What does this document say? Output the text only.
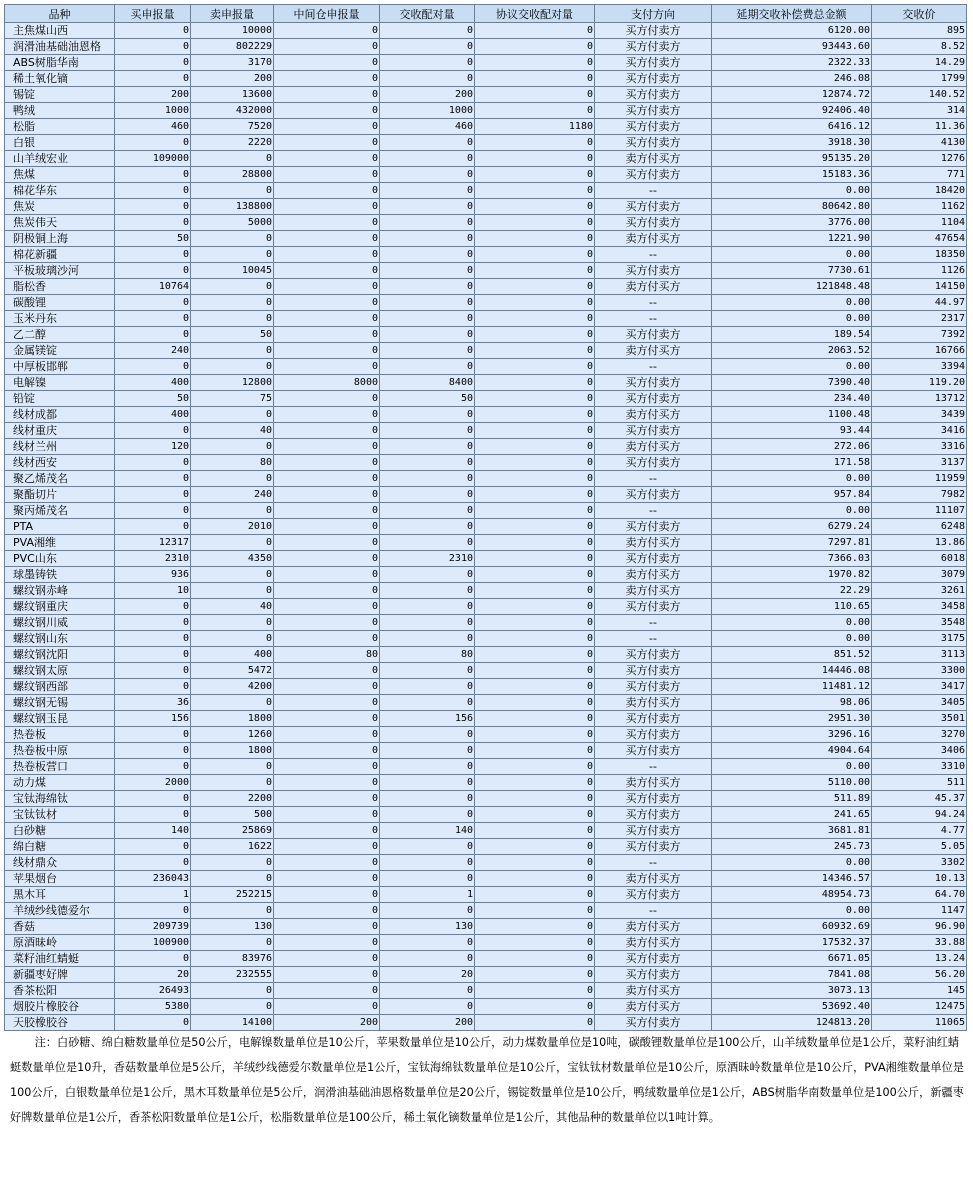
品种	买申报量	卖申报量	中间仓申报量	交收配对量	协议交收配对量	支付方向	延期交收补偿费总金额	交收价
主焦煤山西	0	10000	0	0	0	买方付卖方	6120.00	895
润滑油基础油恩格	0	802229	0	0	0	买方付卖方	93443.60	8.52
ABS树脂华南	0	3170	0	0	0	买方付卖方	2322.33	14.29
稀土氧化镝	0	200	0	0	0	买方付卖方	246.08	1799
锡锭	200	13600	0	200	0	买方付卖方	12874.72	140.52
鸭绒	1000	432000	0	1000	0	买方付卖方	92406.40	314
松脂	460	7520	0	460	1180	买方付卖方	6416.12	11.36
白银	0	2220	0	0	0	买方付卖方	3918.30	4130
山羊绒宏业	109000	0	0	0	0	卖方付买方	95135.20	1276
焦煤	0	28800	0	0	0	买方付卖方	15183.36	771
棉花华东	0	0	0	0	0	--	0.00	18420
焦炭	0	138800	0	0	0	买方付卖方	80642.80	1162
焦炭伟天	0	5000	0	0	0	买方付卖方	3776.00	1104
阴极铜上海	50	0	0	0	0	卖方付买方	1221.90	47654
棉花新疆	0	0	0	0	0	--	0.00	18350
平板玻璃沙河	0	10045	0	0	0	买方付卖方	7730.61	1126
脂松香	10764	0	0	0	0	卖方付买方	121848.48	14150
碳酸锂	0	0	0	0	0	--	0.00	44.97
玉米丹东	0	0	0	0	0	--	0.00	2317
乙二醇	0	50	0	0	0	买方付卖方	189.54	7392
金属镁锭	240	0	0	0	0	卖方付买方	2063.52	16766
中厚板邯郸	0	0	0	0	0	--	0.00	3394
电解镍	400	12800	8000	8400	0	买方付卖方	7390.40	119.20
铅锭	50	75	0	50	0	买方付卖方	234.40	13712
线材成都	400	0	0	0	0	卖方付买方	1100.48	3439
线材重庆	0	40	0	0	0	买方付卖方	93.44	3416
线材兰州	120	0	0	0	0	卖方付买方	272.06	3316
线材西安	0	80	0	0	0	买方付卖方	171.58	3137
聚乙烯茂名	0	0	0	0	0	--	0.00	11959
聚酯切片	0	240	0	0	0	买方付卖方	957.84	7982
聚丙烯茂名	0	0	0	0	0	--	0.00	11107
PTA	0	2010	0	0	0	买方付卖方	6279.24	6248
PVA湘维	12317	0	0	0	0	卖方付买方	7297.81	13.86
PVC山东	2310	4350	0	2310	0	买方付卖方	7366.03	6018
球墨铸铁	936	0	0	0	0	卖方付买方	1970.82	3079
螺纹钢赤峰	10	0	0	0	0	卖方付买方	22.29	3261
螺纹钢重庆	0	40	0	0	0	买方付卖方	110.65	3458
螺纹钢川威	0	0	0	0	0	--	0.00	3548
螺纹钢山东	0	0	0	0	0	--	0.00	3175
螺纹钢沈阳	0	400	80	80	0	买方付卖方	851.52	3113
螺纹钢太原	0	5472	0	0	0	买方付卖方	14446.08	3300
螺纹钢西部	0	4200	0	0	0	买方付卖方	11481.12	3417
螺纹钢无锡	36	0	0	0	0	卖方付买方	98.06	3405
螺纹钢玉昆	156	1800	0	156	0	买方付卖方	2951.30	3501
热卷板	0	1260	0	0	0	买方付卖方	3296.16	3270
热卷板中原	0	1800	0	0	0	买方付卖方	4904.64	3406
热卷板营口	0	0	0	0	0	--	0.00	3310
动力煤	2000	0	0	0	0	卖方付买方	5110.00	511
宝钛海绵钛	0	2200	0	0	0	买方付卖方	511.89	45.37
宝钛钛材	0	500	0	0	0	买方付卖方	241.65	94.24
白砂糖	140	25869	0	140	0	买方付卖方	3681.81	4.77
绵白糖	0	1622	0	0	0	买方付卖方	245.73	5.05
线材鼎众	0	0	0	0	0	--	0.00	3302
苹果烟台	236043	0	0	0	0	卖方付买方	14346.57	10.13
黑木耳	1	252215	0	1	0	买方付卖方	48954.73	64.70
羊绒纱线德爱尔	0	0	0	0	0	--	0.00	1147
香菇	209739	130	0	130	0	卖方付买方	60932.69	96.90
原酒昧岭	100900	0	0	0	0	卖方付买方	17532.37	33.88
菜籽油红蜻蜓	0	83976	0	0	0	买方付卖方	6671.05	13.24
新疆枣好牌	20	232555	0	20	0	买方付卖方	7841.08	56.20
香茶松阳	26493	0	0	0	0	卖方付买方	3073.13	145
烟胶片橡胶谷	5380	0	0	0	0	卖方付买方	53692.40	12475
天胶橡胶谷	0	14100	200	200	0	买方付卖方	124813.20	11065

注：白砂糖、绵白糖数量单位是50公斤，电解镍数量单位是10公斤，苹果数量单位是10公斤，动力煤数量单位是10吨，碳酸锂数量单位是100公斤，山羊绒数量单位是1公斤，菜籽油红蜻蜓数量单位是10升，香菇数量单位是5公斤，羊绒纱线德爱尔数量单位是1公斤，宝钛海绵钛数量单位是10公斤，宝钛钛材数量单位是10公斤，原酒昧岭数量单位是10公斤，PVA湘维数量单位是100公斤，白银数量单位是1公斤，黑木耳数量单位是5公斤，润滑油基础油恩格数量单位是20公斤，锡锭数量单位是10公斤，鸭绒数量单位是1公斤，ABS树脂华南数量单位是100公斤，新疆枣好牌数量单位是1公斤，香茶松阳数量单位是1公斤，松脂数量单位是100公斤，稀土氧化镝数量单位是1公斤，其他品种的数量单位以1吨计算。
